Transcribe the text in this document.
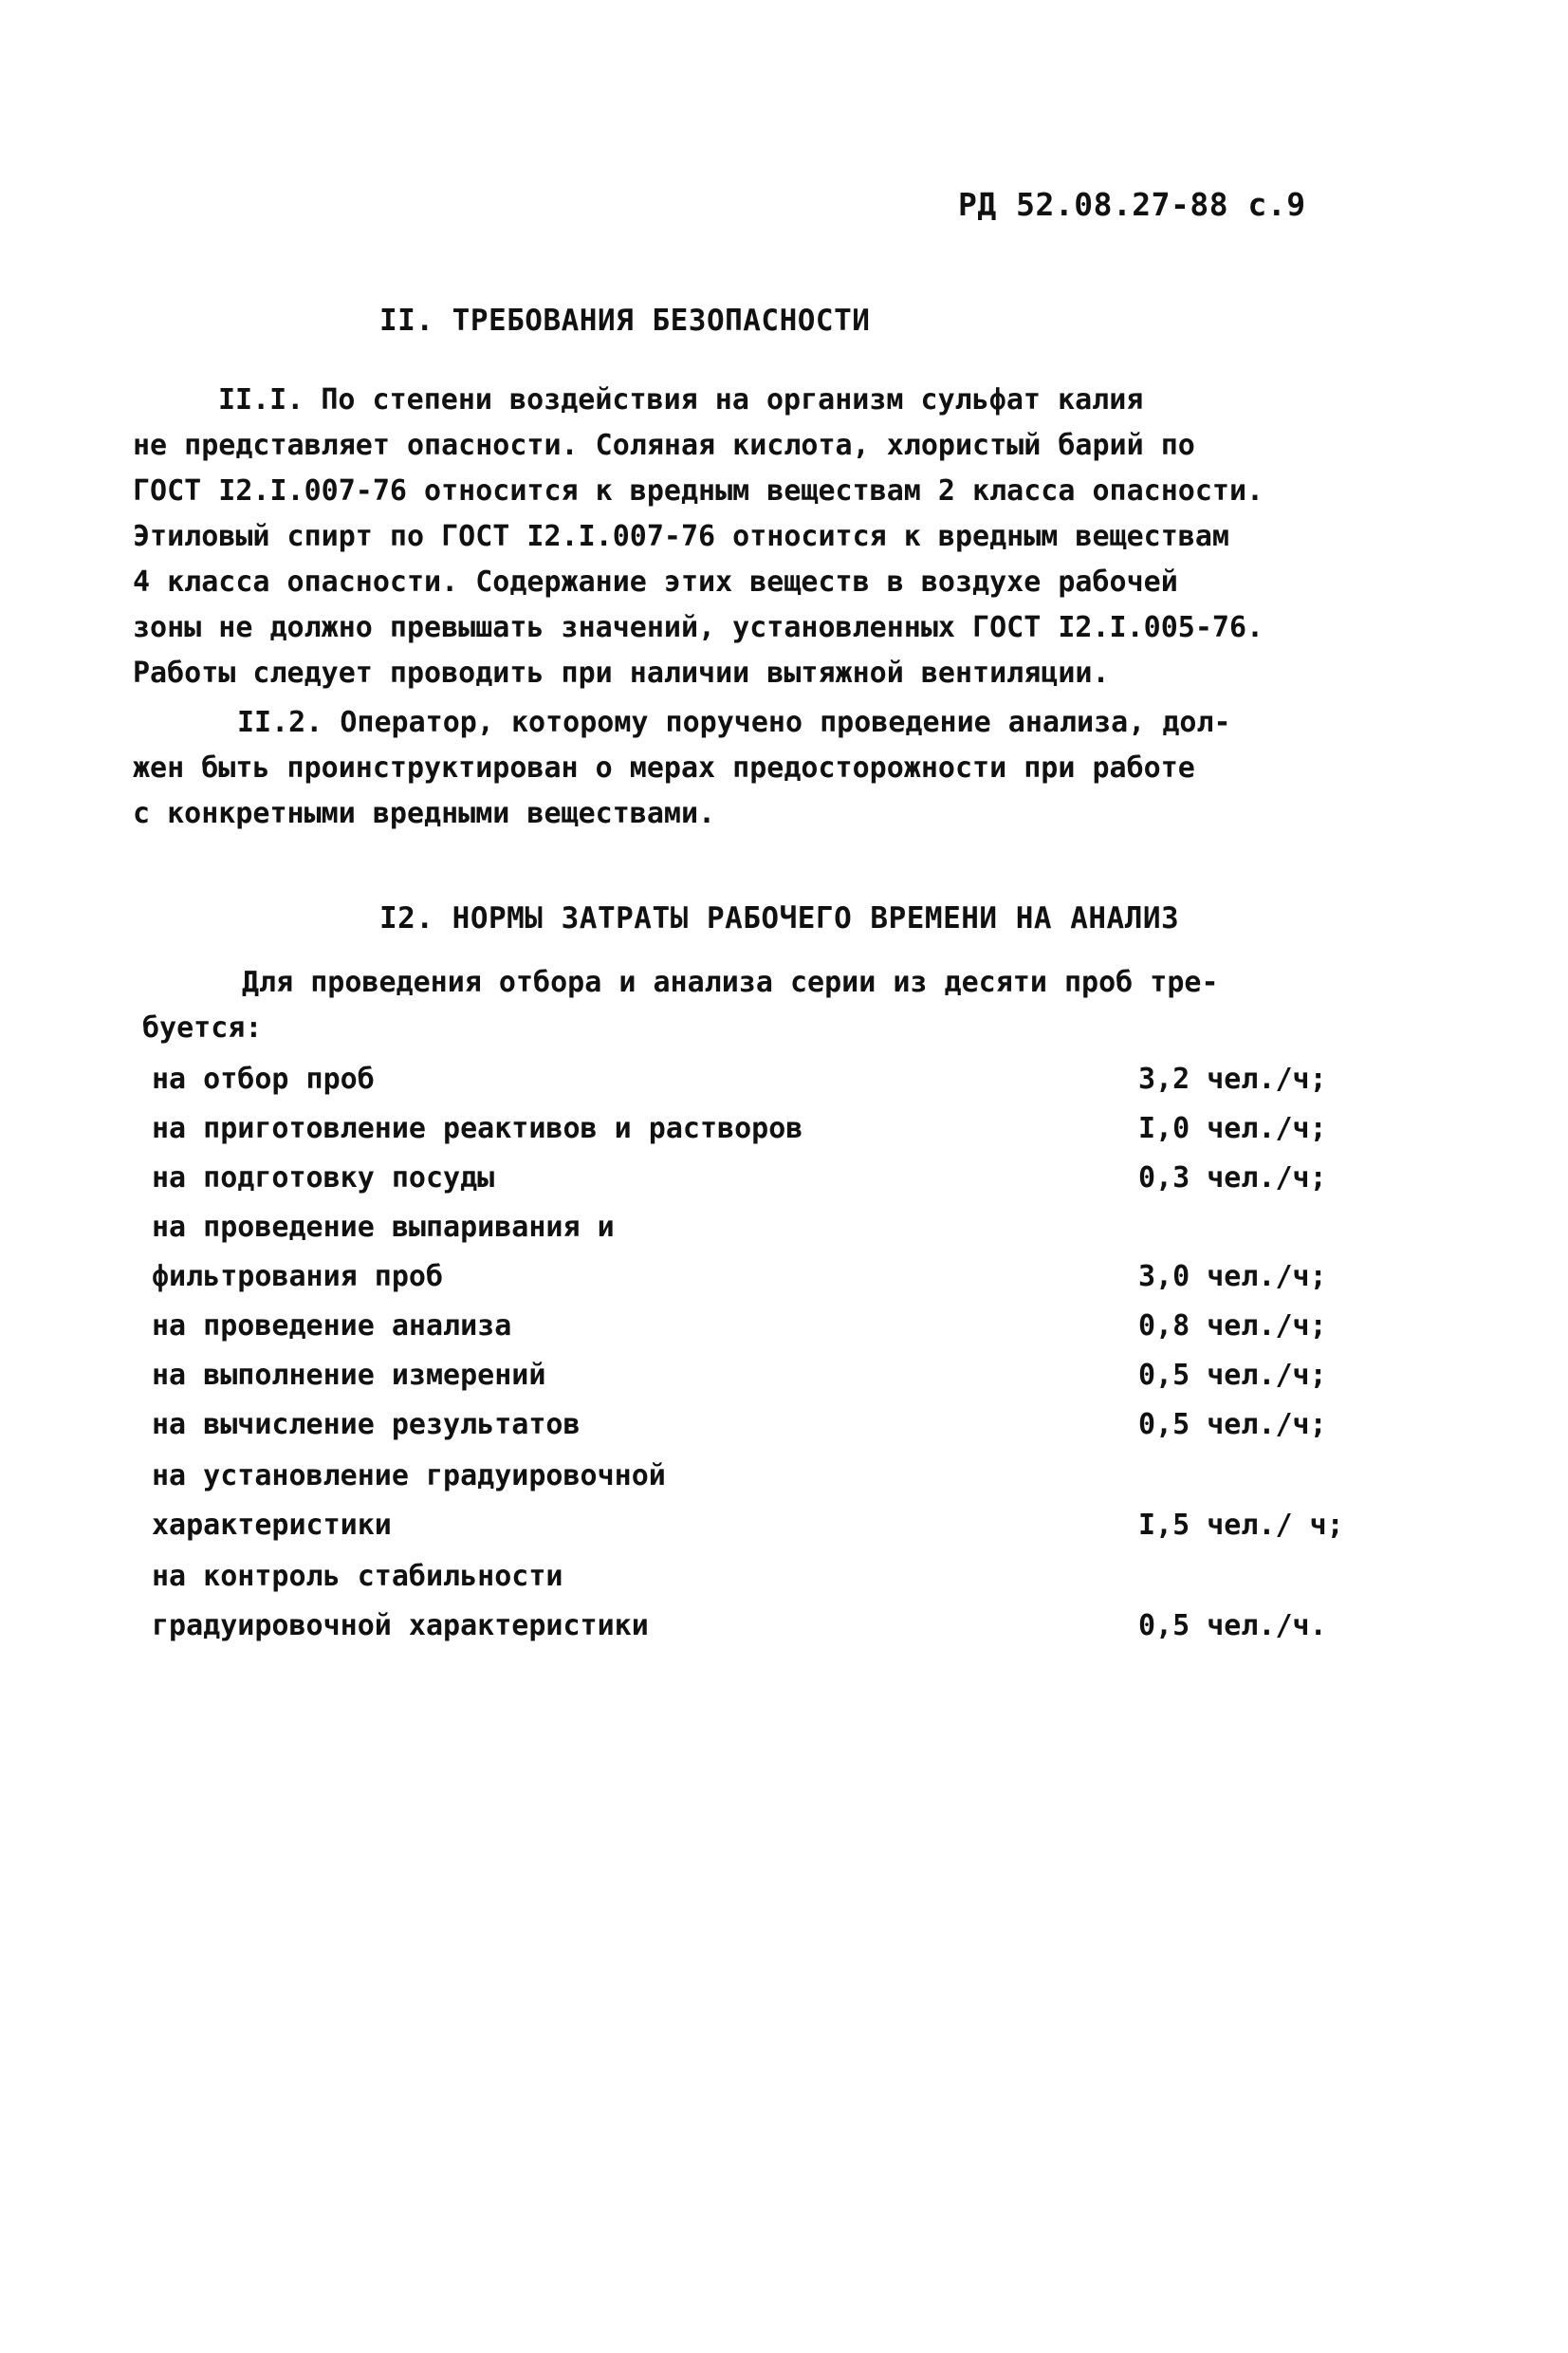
РД 52.08.27-88 с.9
II. ТРЕБОВАНИЯ БЕЗОПАСНОСТИ
II.I. По степени воздействия на организм сульфат калия
не представляет опасности. Соляная кислота, хлористый барий по
ГОСТ I2.I.007-76 относится к вредным веществам 2 класса опасности.
Этиловый спирт по ГОСТ I2.I.007-76 относится к вредным веществам
4 класса опасности. Содержание этих веществ в воздухе рабочей
зоны не должно превышать значений, установленных ГОСТ I2.I.005-76.
Работы следует проводить при наличии вытяжной вентиляции.
II.2. Оператор, которому поручено проведение анализа, дол-
жен быть проинструктирован о мерах предосторожности при работе
с конкретными вредными веществами.
I2. НОРМЫ ЗАТРАТЫ РАБОЧЕГО ВРЕМЕНИ НА АНАЛИЗ
Для проведения отбора и анализа серии из десяти проб тре-
буется:
на отбор проб	3,2 чел./ч;
на приготовление реактивов и растворов	I,0 чел./ч;
на подготовку посуды	0,3 чел./ч;
на проведение выпаривания и
фильтрования проб	3,0 чел./ч;
на проведение анализа	0,8 чел./ч;
на выполнение измерений	0,5 чел./ч;
на вычисление результатов	0,5 чел./ч;
на установление градуировочной
характеристики	I,5 чел./ ч;
на контроль стабильности
градуировочной характеристики	0,5 чел./ч.
